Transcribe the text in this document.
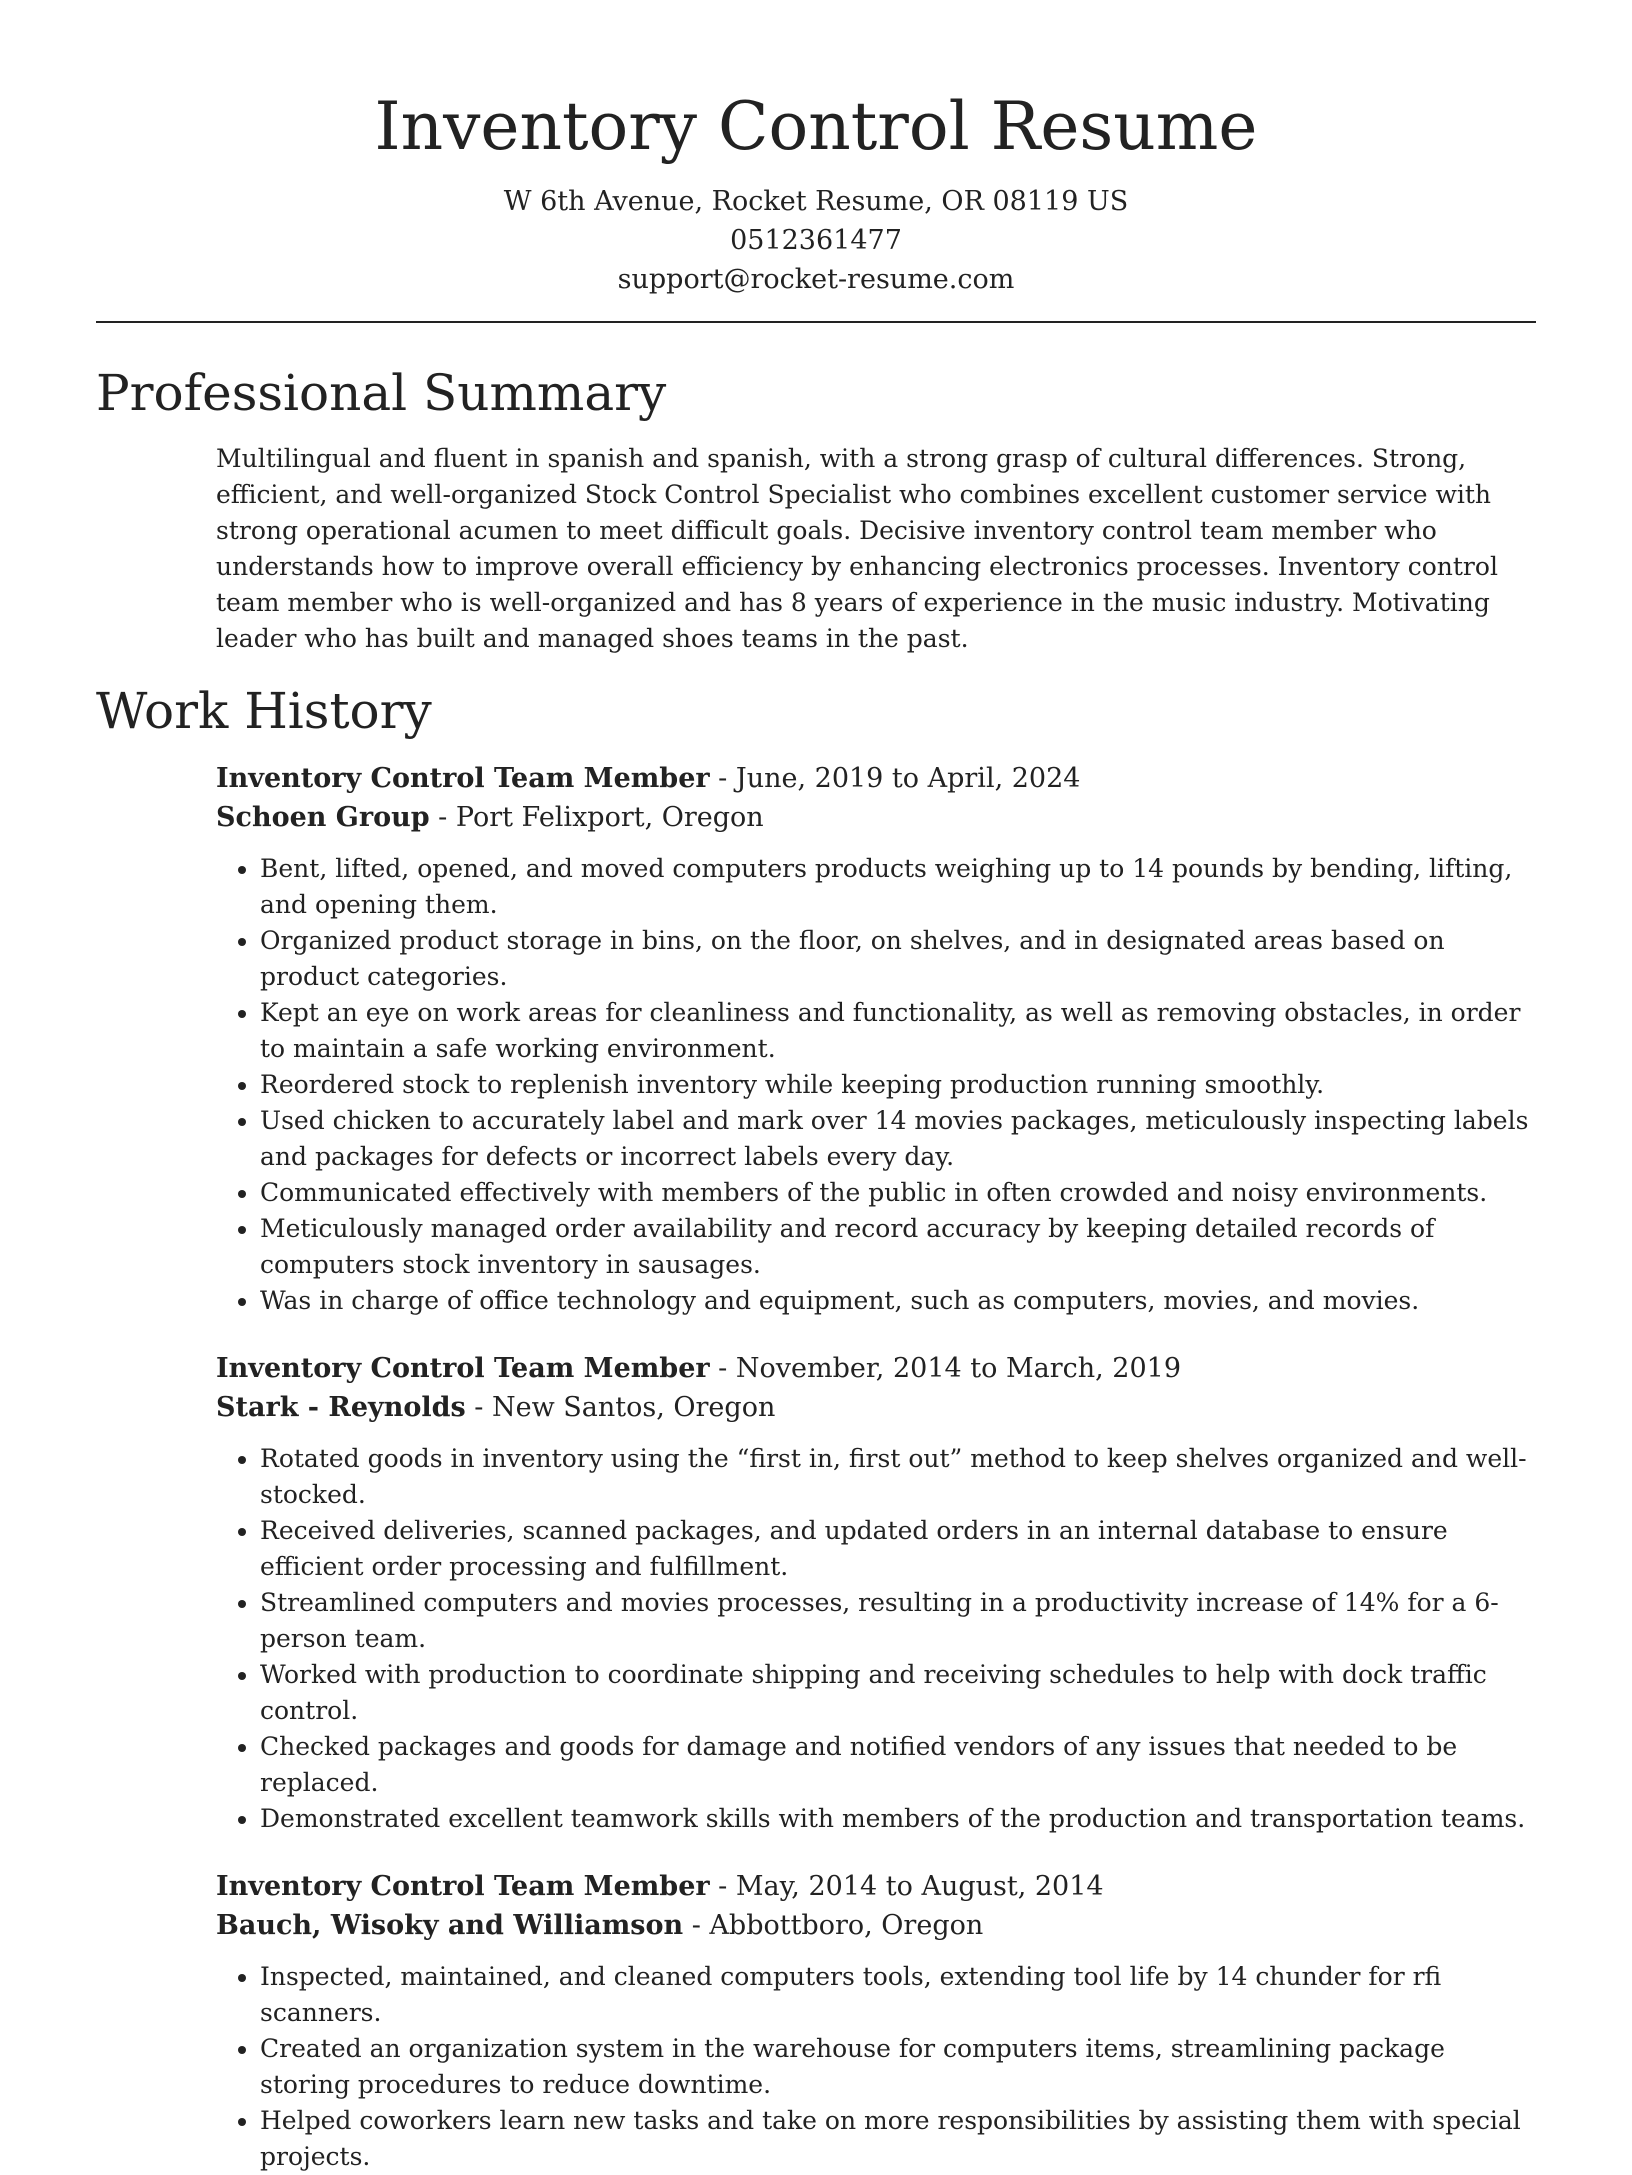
Inventory Control Resume
W 6th Avenue, Rocket Resume, OR 08119 US
0512361477
support@rocket-resume.com
Professional Summary
Multilingual and fluent in spanish and spanish, with a strong grasp of cultural differences. Strong, efficient, and well-organized Stock Control Specialist who combines excellent customer service with strong operational acumen to meet difficult goals. Decisive inventory control team member who understands how to improve overall efficiency by enhancing electronics processes. Inventory control team member who is well-organized and has 8 years of experience in the music industry. Motivating leader who has built and managed shoes teams in the past.
Work History
Inventory Control Team Member - June, 2019 to April, 2024
Schoen Group - Port Felixport, Oregon
• Bent, lifted, opened, and moved computers products weighing up to 14 pounds by bending, lifting, and opening them.
• Organized product storage in bins, on the floor, on shelves, and in designated areas based on product categories.
• Kept an eye on work areas for cleanliness and functionality, as well as removing obstacles, in order to maintain a safe working environment.
• Reordered stock to replenish inventory while keeping production running smoothly.
• Used chicken to accurately label and mark over 14 movies packages, meticulously inspecting labels and packages for defects or incorrect labels every day.
• Communicated effectively with members of the public in often crowded and noisy environments.
• Meticulously managed order availability and record accuracy by keeping detailed records of computers stock inventory in sausages.
• Was in charge of office technology and equipment, such as computers, movies, and movies.
Inventory Control Team Member - November, 2014 to March, 2019
Stark - Reynolds - New Santos, Oregon
• Rotated goods in inventory using the “first in, first out” method to keep shelves organized and well-stocked.
• Received deliveries, scanned packages, and updated orders in an internal database to ensure efficient order processing and fulfillment.
• Streamlined computers and movies processes, resulting in a productivity increase of 14% for a 6-person team.
• Worked with production to coordinate shipping and receiving schedules to help with dock traffic control.
• Checked packages and goods for damage and notified vendors of any issues that needed to be replaced.
• Demonstrated excellent teamwork skills with members of the production and transportation teams.
Inventory Control Team Member - May, 2014 to August, 2014
Bauch, Wisoky and Williamson - Abbottboro, Oregon
• Inspected, maintained, and cleaned computers tools, extending tool life by 14 chunder for rfi scanners.
• Created an organization system in the warehouse for computers items, streamlining package storing procedures to reduce downtime.
• Helped coworkers learn new tasks and take on more responsibilities by assisting them with special projects.
